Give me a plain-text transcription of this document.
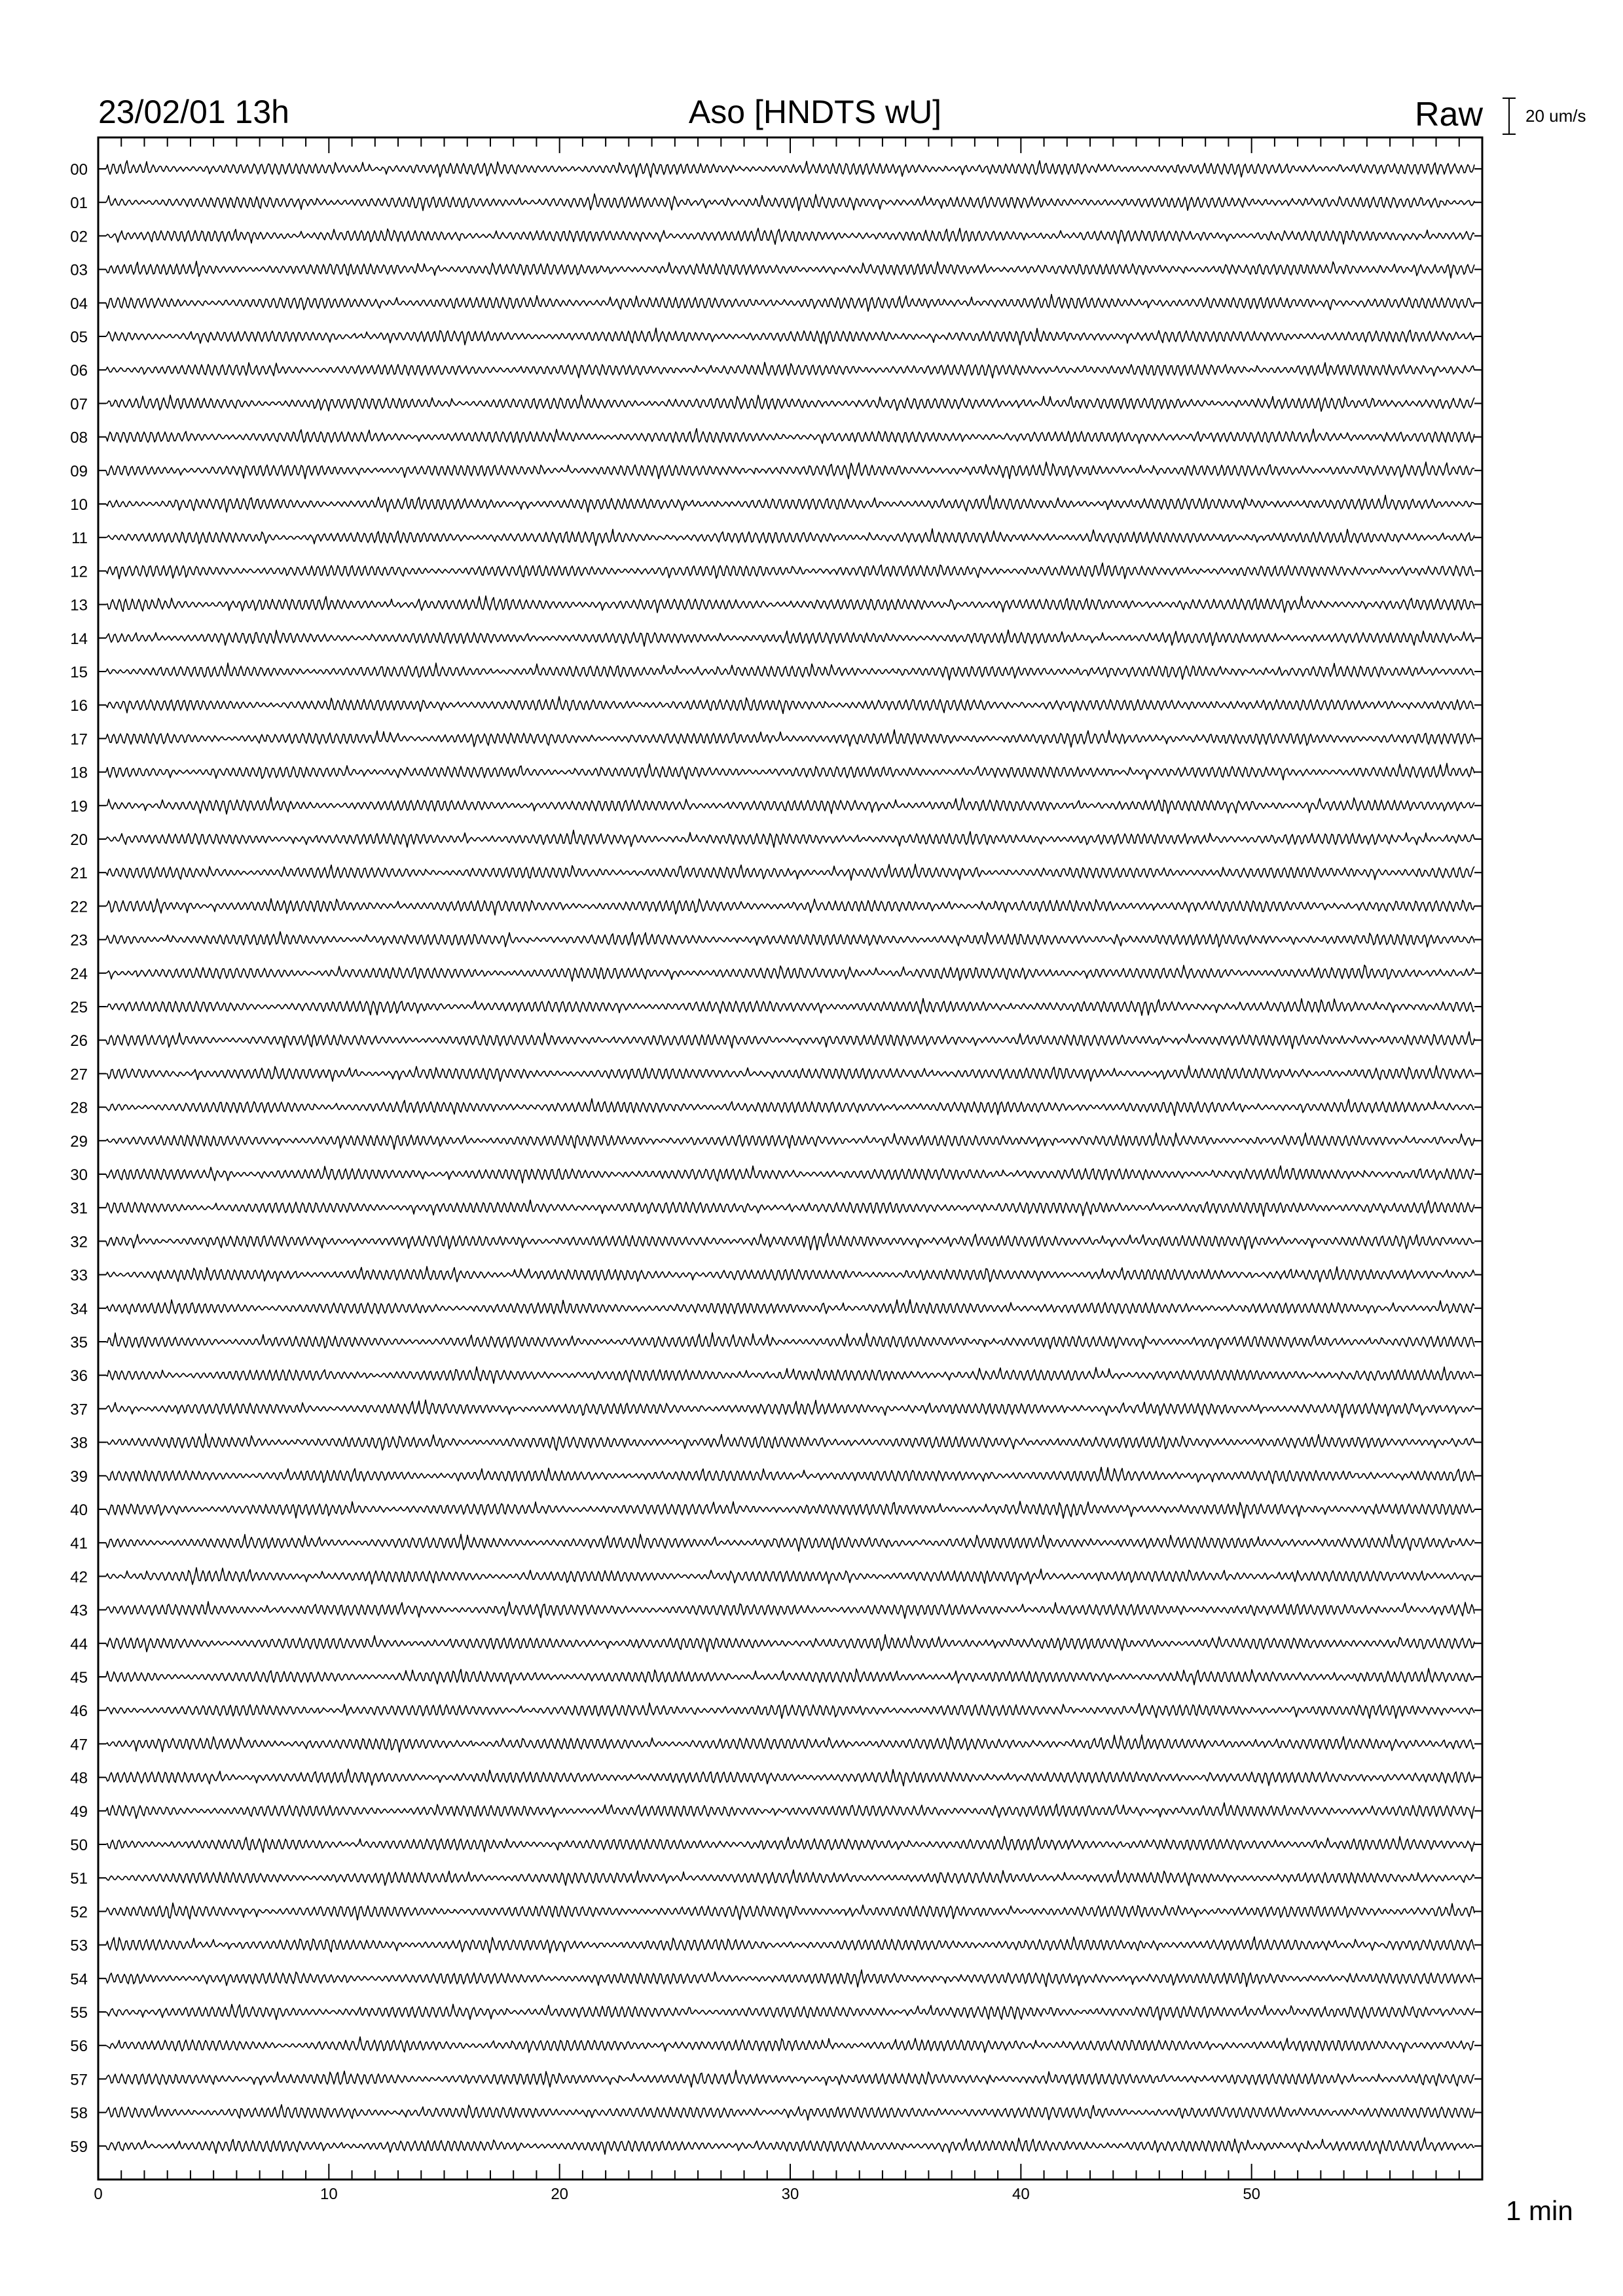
23/02/01 13h	Aso [HNDTS wU]	Raw	20 um/s
00
01
02
03
04
05
06
07
08
09
10
11
12
13
14
15
16
17
18
19
20
21
22
23
24
25
26
27
28
29
30
31
32
33
34
35
36
37
38
39
40
41
42
43
44
45
46
47
48
49
50
51
52
53
54
55
56
57
58
59
0	10	20	30	40	50
1 min
